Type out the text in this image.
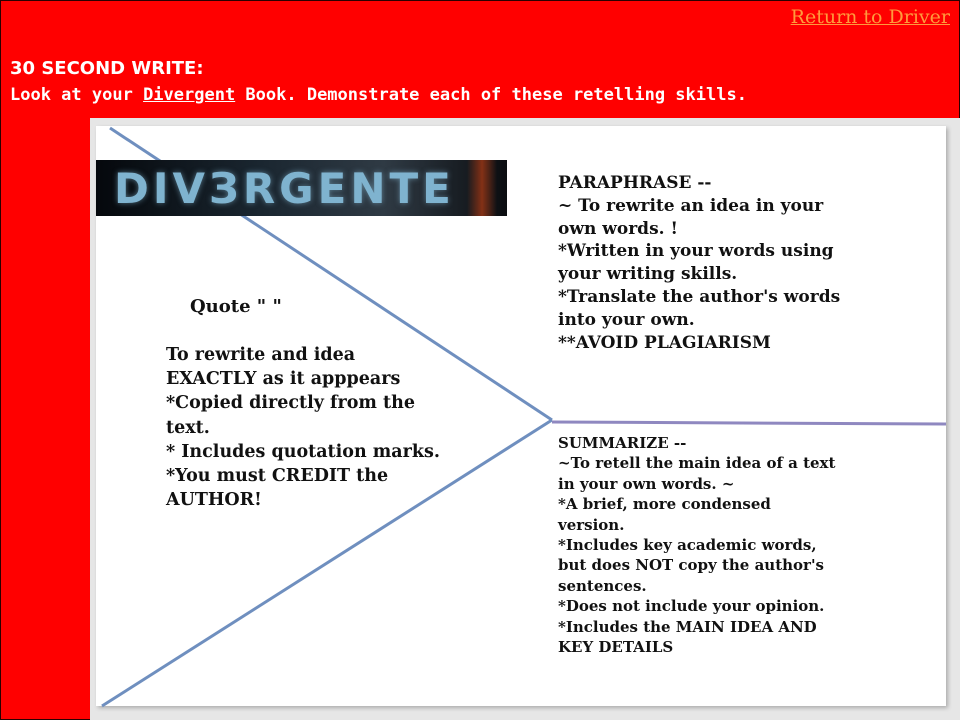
Return to Driver
30 SECOND WRITE:
Look at your Divergent Book. Demonstrate each of these retelling skills.
DIVЗRGENTE
Quote " "
To rewrite and idea
EXACTLY as it apppears
*Copied directly from the
text.
* Includes quotation marks.
*You must CREDIT the
AUTHOR!
PARAPHRASE --
~ To rewrite an idea in your
own words. !
*Written in your words using
your writing skills.
*Translate the author's words
into your own.
**AVOID PLAGIARISM
SUMMARIZE --
~To retell the main idea of a text
in your own words. ~
*A brief, more condensed
version.
*Includes key academic words,
but does NOT copy the author's
sentences.
*Does not include your opinion.
*Includes the MAIN IDEA AND
KEY DETAILS
